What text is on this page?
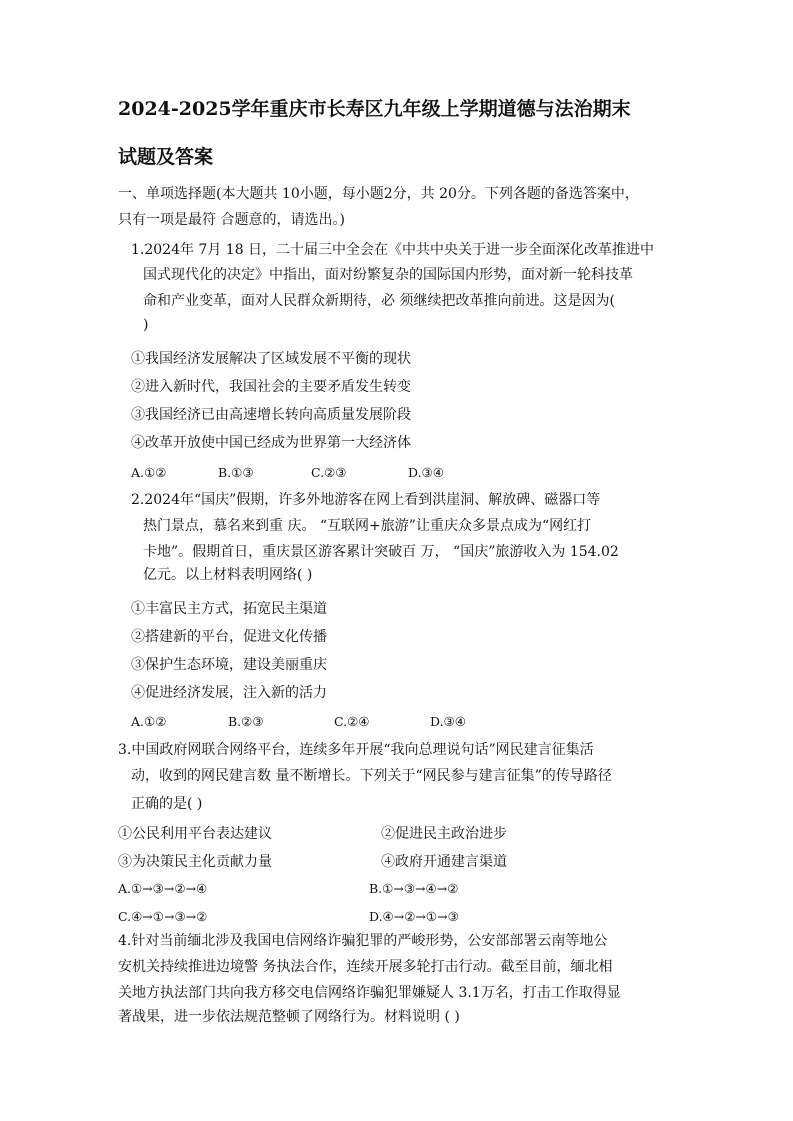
2024-2025学年重庆市长寿区九年级上学期道德与法治期末
试题及答案
一、单项选择题(本大题共 10小题，每小题2分，共 20分。下列各题的备选答案中，
只有一项是最符 合题意的，请选出。)
1.2024年 7月 18 日，二十届三中全会在《中共中央关于进一步全面深化改革推进中
国式现代化的决定》中指出，面对纷繁复杂的国际国内形势，面对新一轮科技革
命和产业变革，面对人民群众新期待，必 须继续把改革推向前进。这是因为(
)
①我国经济发展解决了区域发展不平衡的现状
②进入新时代，我国社会的主要矛盾发生转变
③我国经济已由高速增长转向高质量发展阶段
④改革开放使中国已经成为世界第一大经济体
A.①②	B.①③	C.②③	D.③④
2.2024年“国庆”假期，许多外地游客在网上看到洪崖洞、解放碑、磁器口等
热门景点，慕名来到重 庆。 “互联网+旅游”让重庆众多景点成为“网红打
卡地”。假期首日，重庆景区游客累计突破百 万， “国庆”旅游收入为 154.02
亿元。以上材料表明网络( )
①丰富民主方式，拓宽民主渠道
②搭建新的平台，促进文化传播
③保护生态环境，建设美丽重庆
④促进经济发展，注入新的活力
A.①②	B.②③	C.②④	D.③④
3.中国政府网联合网络平台，连续多年开展“我向总理说句话”网民建言征集活
动，收到的网民建言数 量不断增长。下列关于“网民参与建言征集”的传导路径
正确的是( )
①公民利用平台表达建议	②促进民主政治进步
③为决策民主化贡献力量	④政府开通建言渠道
A.①→③→②→④	B.①→③→④→②
C.④→①→③→②	D.④→②→①→③
4.针对当前缅北涉及我国电信网络诈骗犯罪的严峻形势，公安部部署云南等地公
安机关持续推进边境警 务执法合作，连续开展多轮打击行动。截至目前，缅北相
关地方执法部门共向我方移交电信网络诈骗犯罪嫌疑人 3.1万名，打击工作取得显
著战果，进一步依法规范整顿了网络行为。材料说明 ( )
